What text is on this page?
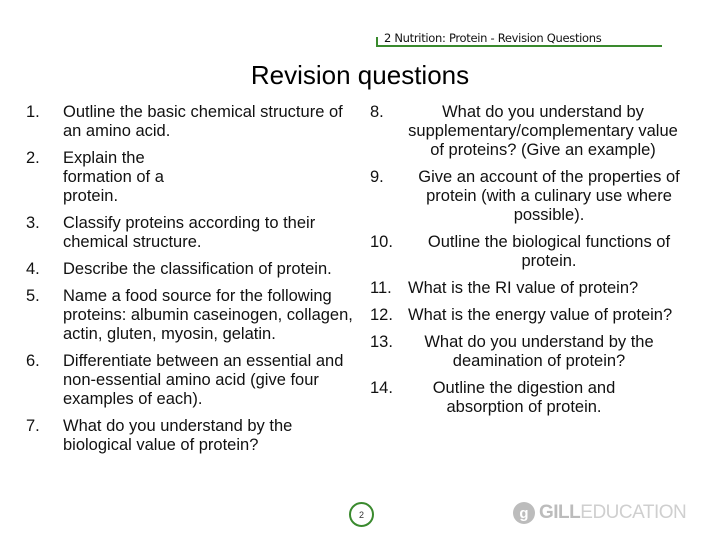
2 Nutrition: Protein - Revision Questions
Revision questions
1.	Outline the basic chemical structure of an amino acid.
2.	Explain the formation of a protein.
3.	Classify proteins according to their chemical structure.
4.	Describe the classification of protein.
5.	Name a food source for the following proteins: albumin caseinogen, collagen, actin, gluten, myosin, gelatin.
6.	Differentiate between an essential and non-essential amino acid (give four examples of each).
7.	What do you understand by the biological value of protein?
8.	What do you understand by supplementary/complementary value of proteins? (Give an example)
9.	Give an account of the properties of protein (with a culinary use where possible).
10.	Outline the biological functions of protein.
11. What is the RI value of protein?
12. What is the energy value of protein?
13.	What do you understand by the deamination of protein?
14.	Outline the digestion and absorption of protein.
2	g GILL EDUCATION
